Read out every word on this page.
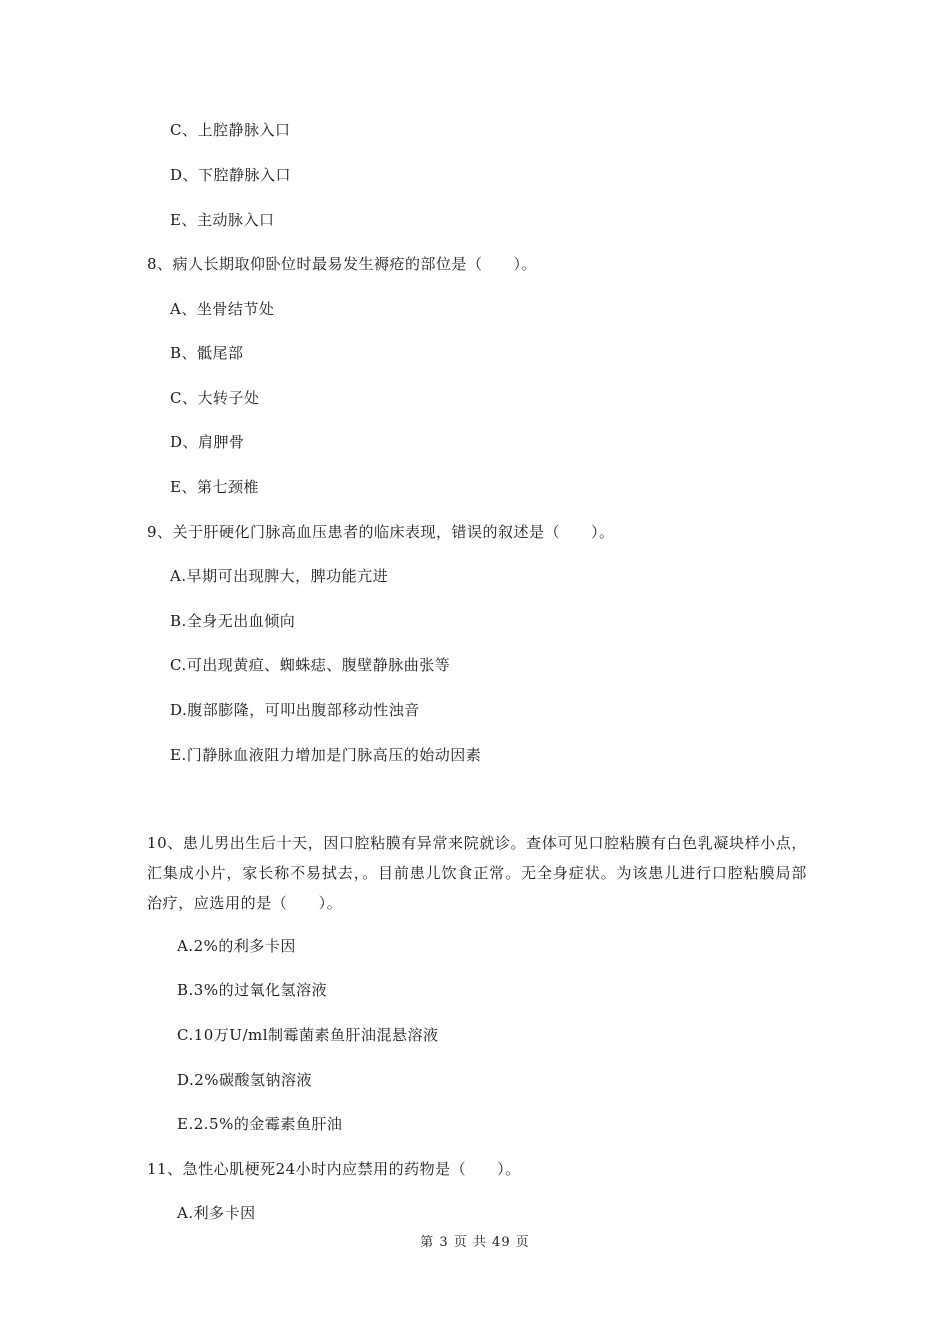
C、上腔静脉入口
D、下腔静脉入口
E、主动脉入口
8、病人长期取仰卧位时最易发生褥疮的部位是（　　）。
A、坐骨结节处
B、骶尾部
C、大转子处
D、肩胛骨
E、第七颈椎
9、关于肝硬化门脉高血压患者的临床表现，错误的叙述是（　　）。
A.早期可出现脾大，脾功能亢进
B.全身无出血倾向
C.可出现黄疸、蜘蛛痣、腹壁静脉曲张等
D.腹部膨隆，可叩出腹部移动性浊音
E.门静脉血液阻力增加是门脉高压的始动因素
10、患儿男出生后十天，因口腔粘膜有异常来院就诊。查体可见口腔粘膜有白色乳凝块样小点，汇集成小片，家长称不易拭去，。目前患儿饮食正常。无全身症状。为该患儿进行口腔粘膜局部治疗，应选用的是（　　）。
A.2%的利多卡因
B.3%的过氧化氢溶液
C.10万U/ml制霉菌素鱼肝油混悬溶液
D.2%碳酸氢钠溶液
E.2.5%的金霉素鱼肝油
11、急性心肌梗死24小时内应禁用的药物是（　　）。
A.利多卡因
第 3 页 共 49 页
